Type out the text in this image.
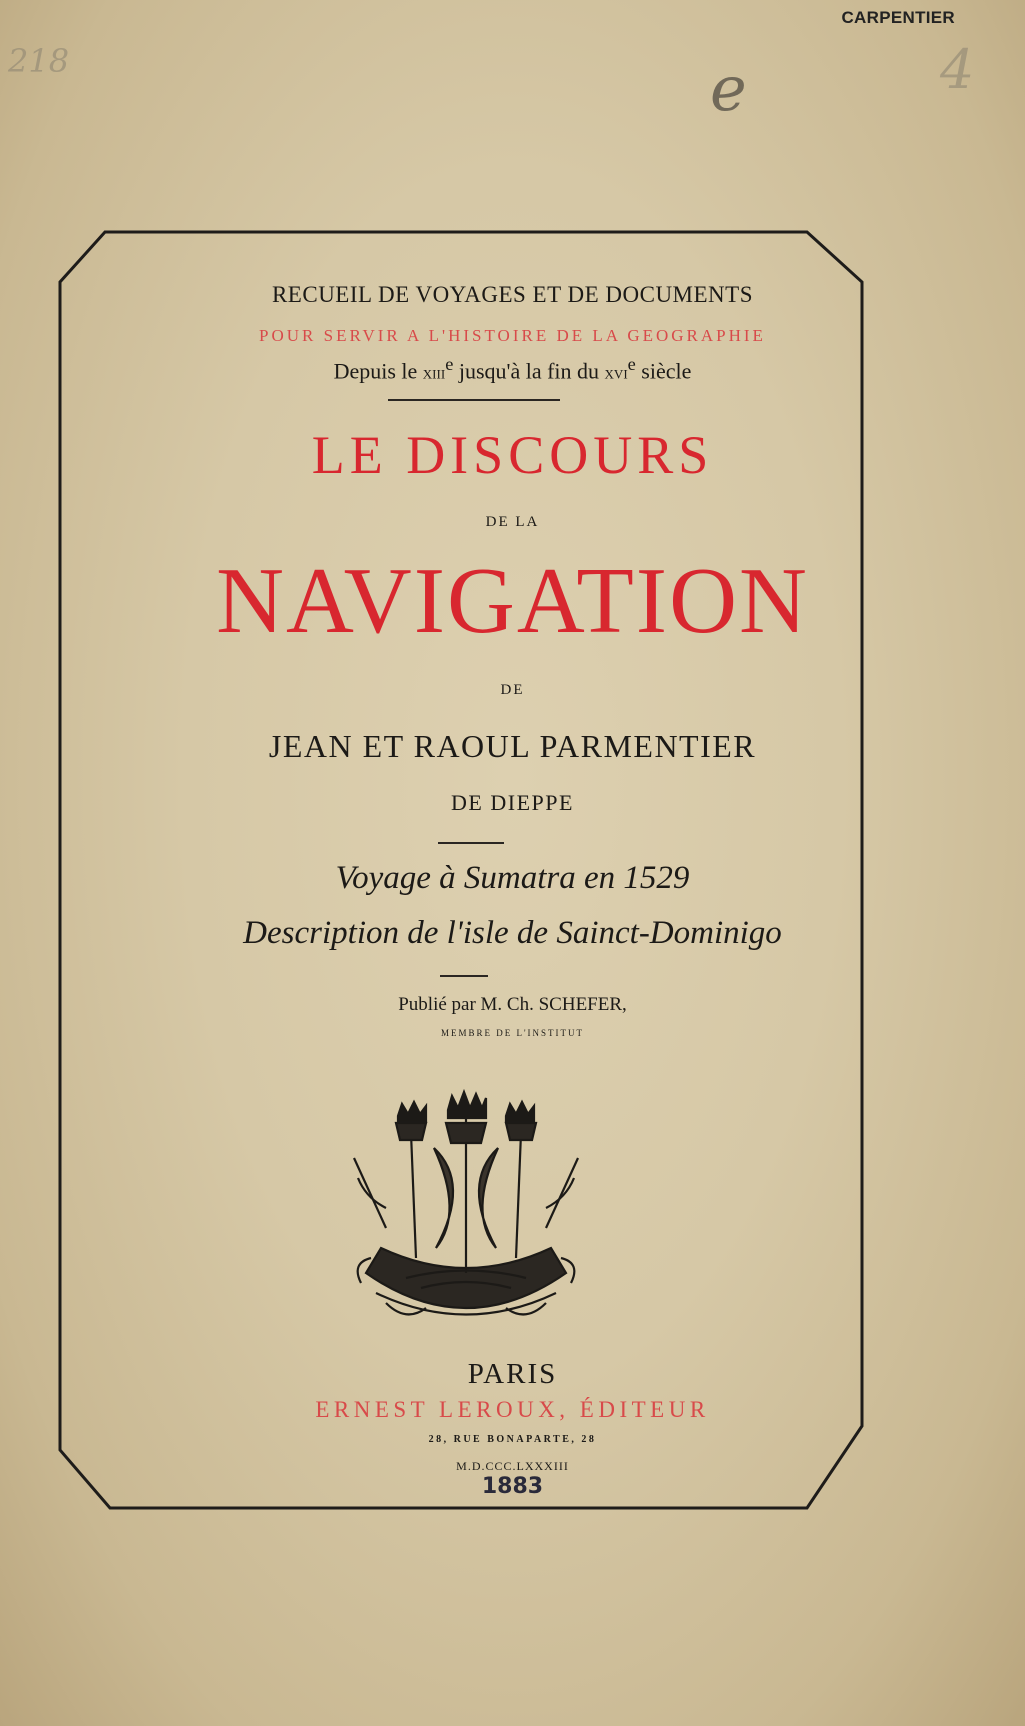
CARPENTIER
218	e	4
RECUEIL DE VOYAGES ET DE DOCUMENTS
POUR SERVIR A L'HISTOIRE DE LA GEOGRAPHIE
Depuis le xiii$^e$ jusqu'à la fin du xvi$^e$ siècle
LE DISCOURS
DE LA
NAVIGATION
DE
JEAN ET RAOUL PARMENTIER
DE DIEPPE
Voyage à Sumatra en 1529
Description de l'isle de Sainct-Dominigo
Publié par M. Ch. SCHEFER,
MEMBRE DE L'INSTITUT
PARIS
ERNEST LEROUX, ÉDITEUR
28, RUE BONAPARTE, 28
M.D.CCC.LXXXIII
1883
